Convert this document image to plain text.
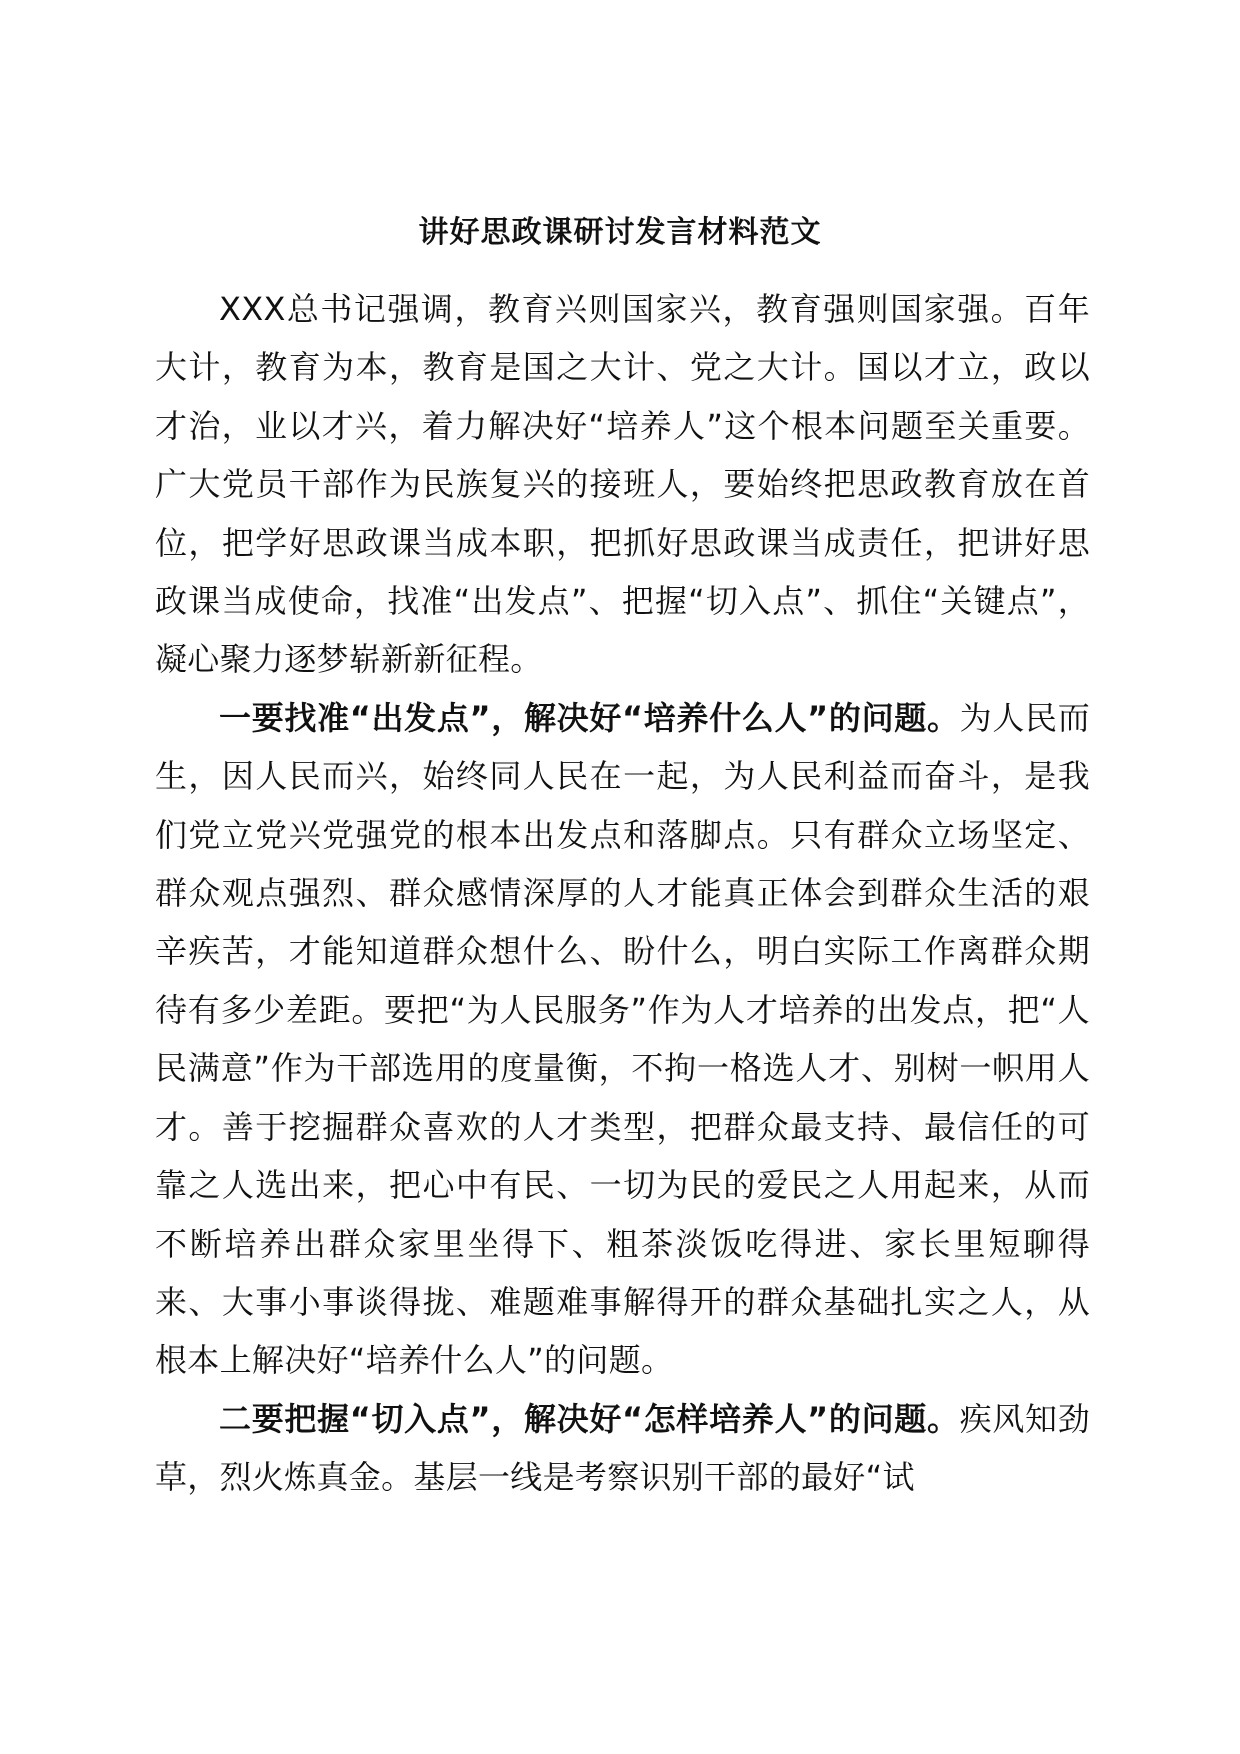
讲好思政课研讨发言材料范文

XXX总书记强调，教育兴则国家兴，教育强则国家强。百年大计，教育为本，教育是国之大计、党之大计。国以才立，政以才治，业以才兴，着力解决好“培养人”这个根本问题至关重要。广大党员干部作为民族复兴的接班人，要始终把思政教育放在首位，把学好思政课当成本职，把抓好思政课当成责任，把讲好思政课当成使命，找准“出发点”、把握“切入点”、抓住“关键点”，凝心聚力逐梦崭新新征程。

一要找准“出发点”，解决好“培养什么人”的问题。为人民而生，因人民而兴，始终同人民在一起，为人民利益而奋斗，是我们党立党兴党强党的根本出发点和落脚点。只有群众立场坚定、群众观点强烈、群众感情深厚的人才能真正体会到群众生活的艰辛疾苦，才能知道群众想什么、盼什么，明白实际工作离群众期待有多少差距。要把“为人民服务”作为人才培养的出发点，把“人民满意”作为干部选用的度量衡，不拘一格选人才、别树一帜用人才。善于挖掘群众喜欢的人才类型，把群众最支持、最信任的可靠之人选出来，把心中有民、一切为民的爱民之人用起来，从而不断培养出群众家里坐得下、粗茶淡饭吃得进、家长里短聊得来、大事小事谈得拢、难题难事解得开的群众基础扎实之人，从根本上解决好“培养什么人”的问题。

二要把握“切入点”，解决好“怎样培养人”的问题。疾风知劲草，烈火炼真金。基层一线是考察识别干部的最好“试
